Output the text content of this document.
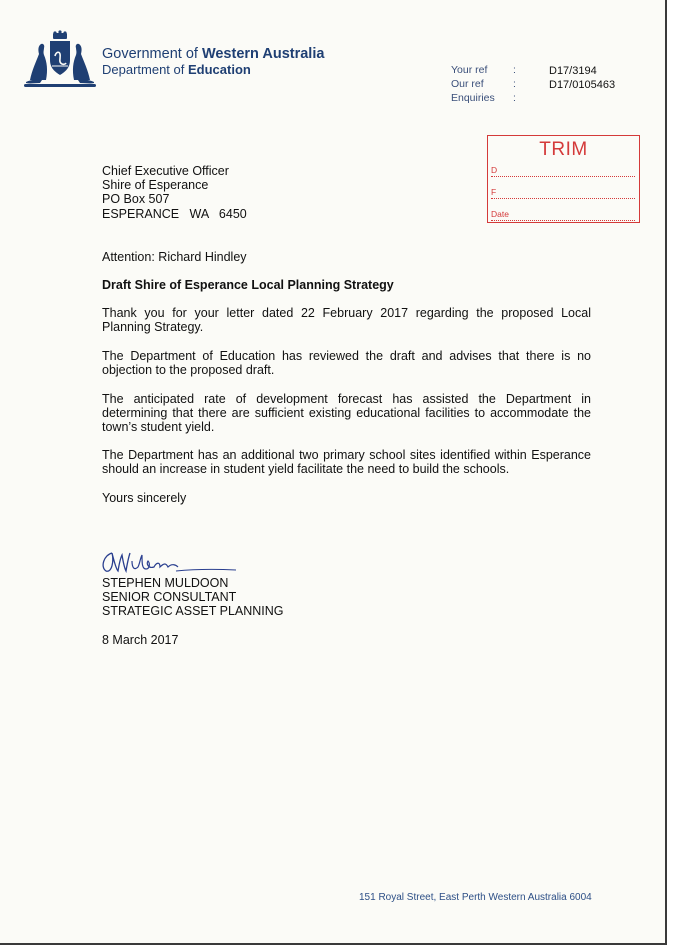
Government of Western Australia
Department of Education	Your ref :	D17/3194
Our ref	:	D17/0105463
Enquiries :
TRIM
D
F
Date
Chief Executive Officer
Shire of Esperance
PO Box 507
ESPERANCE   WA   6450
Attention: Richard Hindley
Draft Shire of Esperance Local Planning Strategy
Thank you for your letter dated 22 February 2017 regarding the proposed Local Planning Strategy.
The Department of Education has reviewed the draft and advises that there is no objection to the proposed draft.
The anticipated rate of development forecast has assisted the Department in determining that there are sufficient existing educational facilities to accommodate the town’s student yield.
The Department has an additional two primary school sites identified within Esperance should an increase in student yield facilitate the need to build the schools.
Yours sincerely
STEPHEN MULDOON
SENIOR CONSULTANT
STRATEGIC ASSET PLANNING
8 March 2017
151 Royal Street, East Perth Western Australia 6004
